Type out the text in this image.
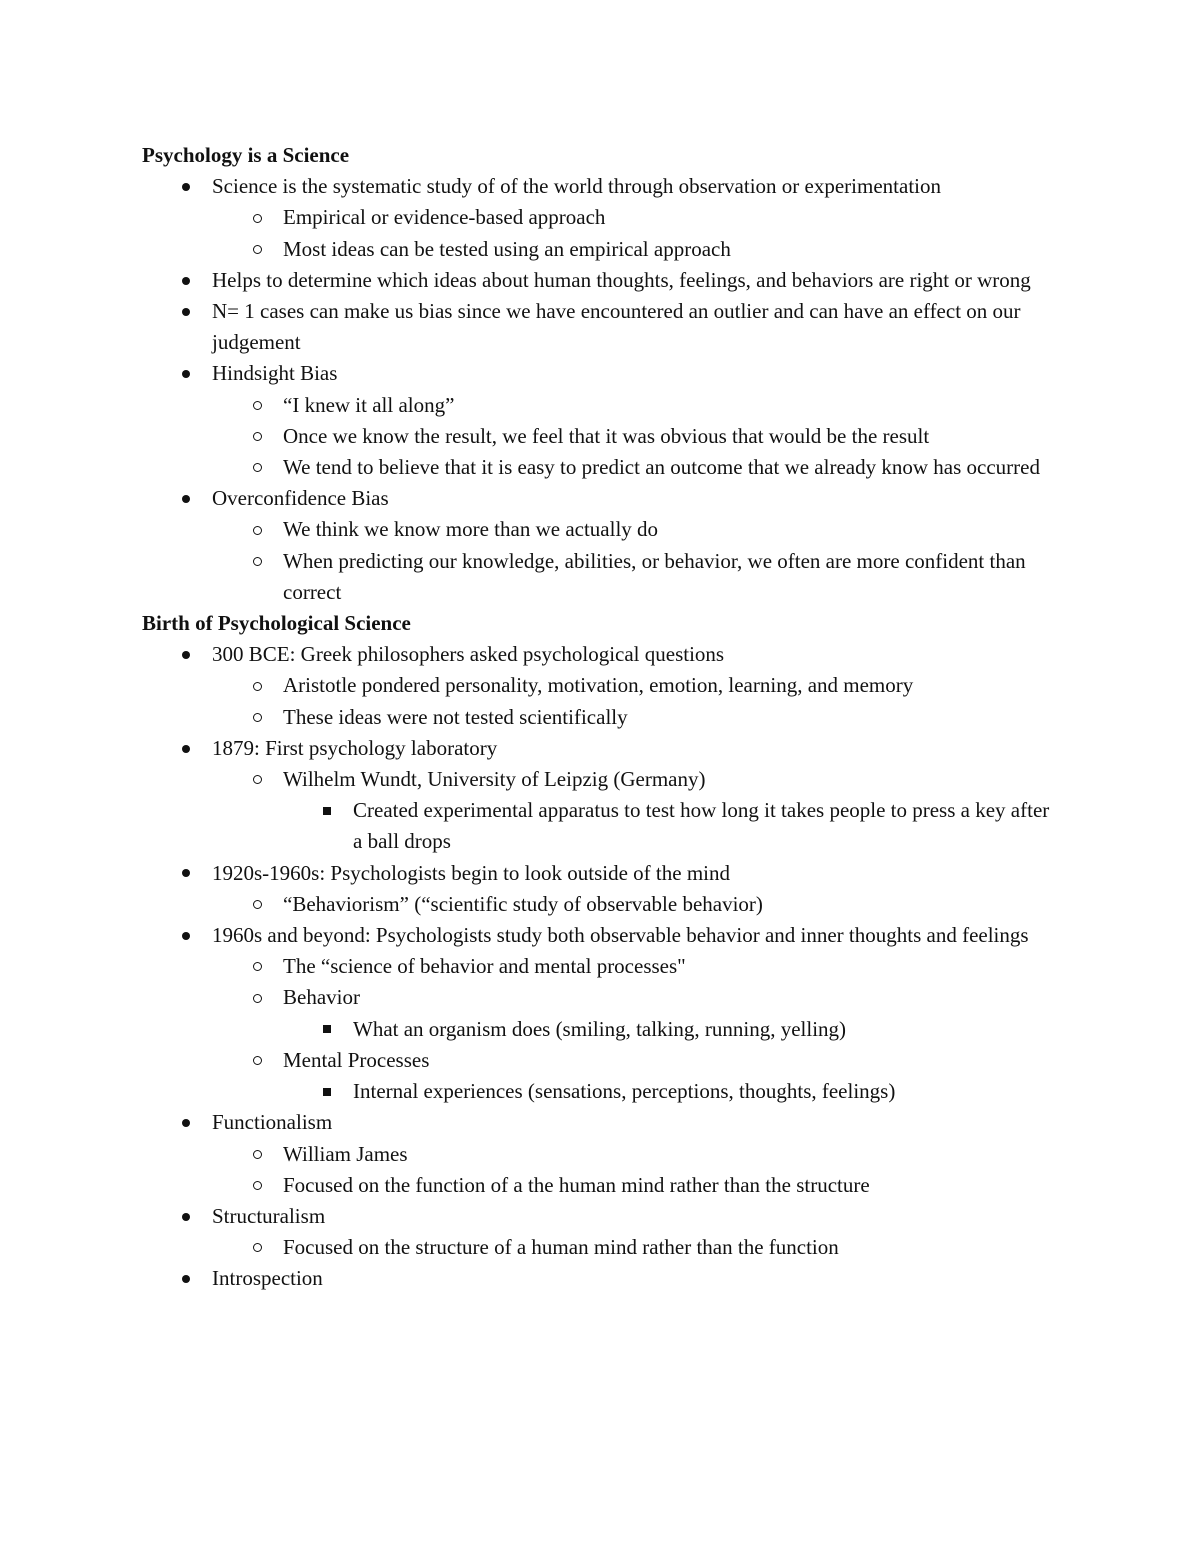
Psychology is a Science
Science is the systematic study of of the world through observation or experimentation
Empirical or evidence-based approach
Most ideas can be tested using an empirical approach
Helps to determine which ideas about human thoughts, feelings, and behaviors are right or wrong
N= 1 cases can make us bias since we have encountered an outlier and can have an effect on our judgement
Hindsight Bias
“I knew it all along”
Once we know the result, we feel that it was obvious that would be the result
We tend to believe that it is easy to predict an outcome that we already know has occurred
Overconfidence Bias
We think we know more than we actually do
When predicting our knowledge, abilities, or behavior, we often are more confident than correct
Birth of Psychological Science
300 BCE: Greek philosophers asked psychological questions
Aristotle pondered personality, motivation, emotion, learning, and memory
These ideas were not tested scientifically
1879: First psychology laboratory
Wilhelm Wundt, University of Leipzig (Germany)
Created experimental apparatus to test how long it takes people to press a key after a ball drops
1920s-1960s: Psychologists begin to look outside of the mind
“Behaviorism” (“scientific study of observable behavior)
1960s and beyond: Psychologists study both observable behavior and inner thoughts and feelings
The “science of behavior and mental processes"
Behavior
What an organism does (smiling, talking, running, yelling)
Mental Processes
Internal experiences (sensations, perceptions, thoughts, feelings)
Functionalism
William James
Focused on the function of a the human mind rather than the structure
Structuralism
Focused on the structure of a human mind rather than the function
Introspection
